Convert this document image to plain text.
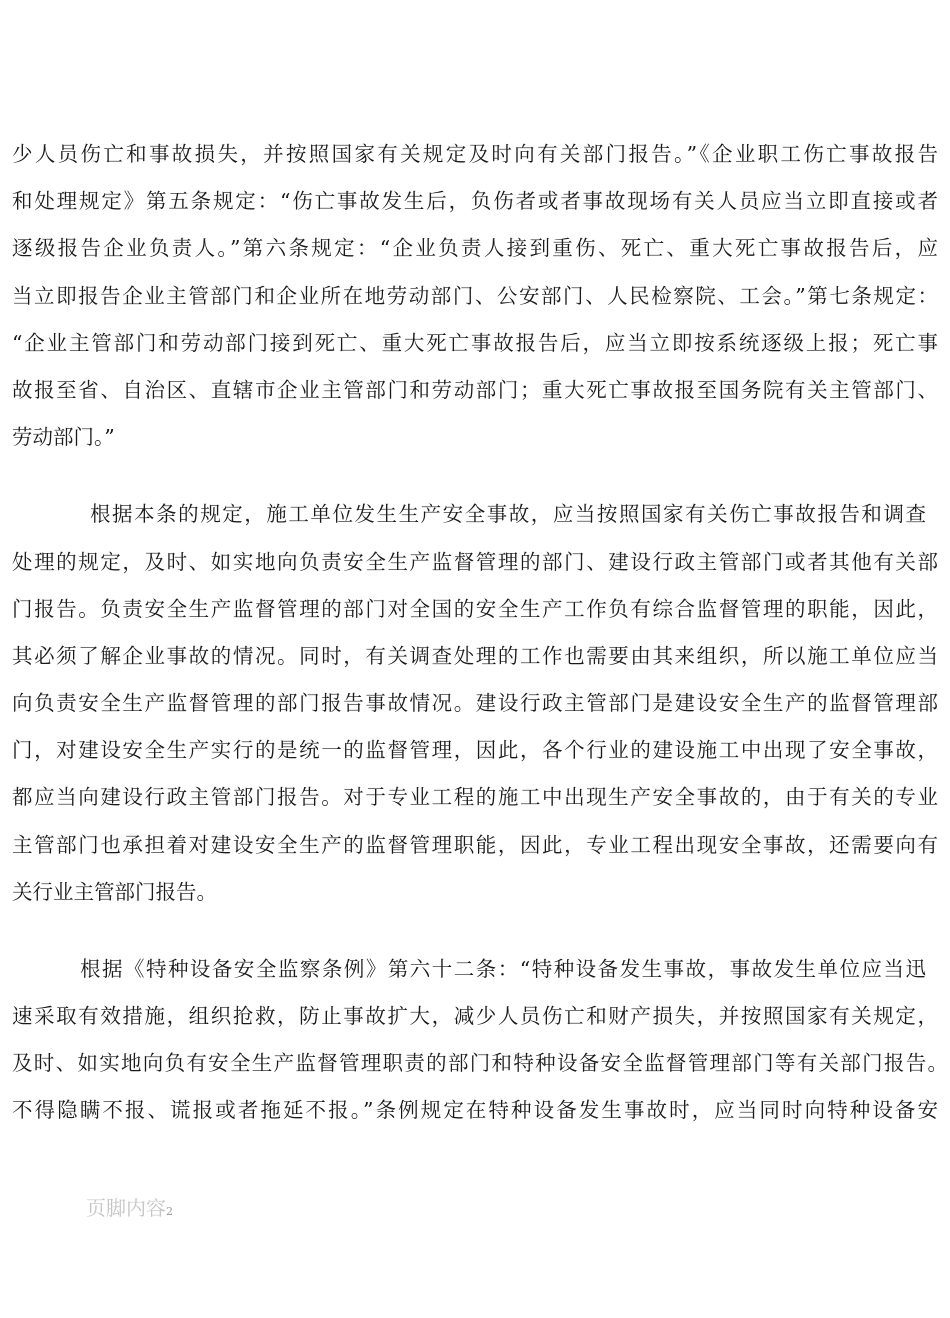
少人员伤亡和事故损失，并按照国家有关规定及时向有关部门报告。”《企业职工伤亡事故报告
和处理规定》第五条规定：“伤亡事故发生后，负伤者或者事故现场有关人员应当立即直接或者
逐级报告企业负责人。”第六条规定：“企业负责人接到重伤、死亡、重大死亡事故报告后，应
当立即报告企业主管部门和企业所在地劳动部门、公安部门、人民检察院、工会。”第七条规定：
“企业主管部门和劳动部门接到死亡、重大死亡事故报告后，应当立即按系统逐级上报；死亡事
故报至省、自治区、直辖市企业主管部门和劳动部门；重大死亡事故报至国务院有关主管部门、
劳动部门。”
根据本条的规定，施工单位发生生产安全事故，应当按照国家有关伤亡事故报告和调查
处理的规定，及时、如实地向负责安全生产监督管理的部门、建设行政主管部门或者其他有关部
门报告。负责安全生产监督管理的部门对全国的安全生产工作负有综合监督管理的职能，因此，
其必须了解企业事故的情况。同时，有关调查处理的工作也需要由其来组织，所以施工单位应当
向负责安全生产监督管理的部门报告事故情况。建设行政主管部门是建设安全生产的监督管理部
门，对建设安全生产实行的是统一的监督管理，因此，各个行业的建设施工中出现了安全事故，
都应当向建设行政主管部门报告。对于专业工程的施工中出现生产安全事故的，由于有关的专业
主管部门也承担着对建设安全生产的监督管理职能，因此，专业工程出现安全事故，还需要向有
关行业主管部门报告。
根据《特种设备安全监察条例》第六十二条：“特种设备发生事故，事故发生单位应当迅
速采取有效措施，组织抢救，防止事故扩大，减少人员伤亡和财产损失，并按照国家有关规定，
及时、如实地向负有安全生产监督管理职责的部门和特种设备安全监督管理部门等有关部门报告。
不得隐瞒不报、谎报或者拖延不报。”条例规定在特种设备发生事故时，应当同时向特种设备安
页脚内容2
